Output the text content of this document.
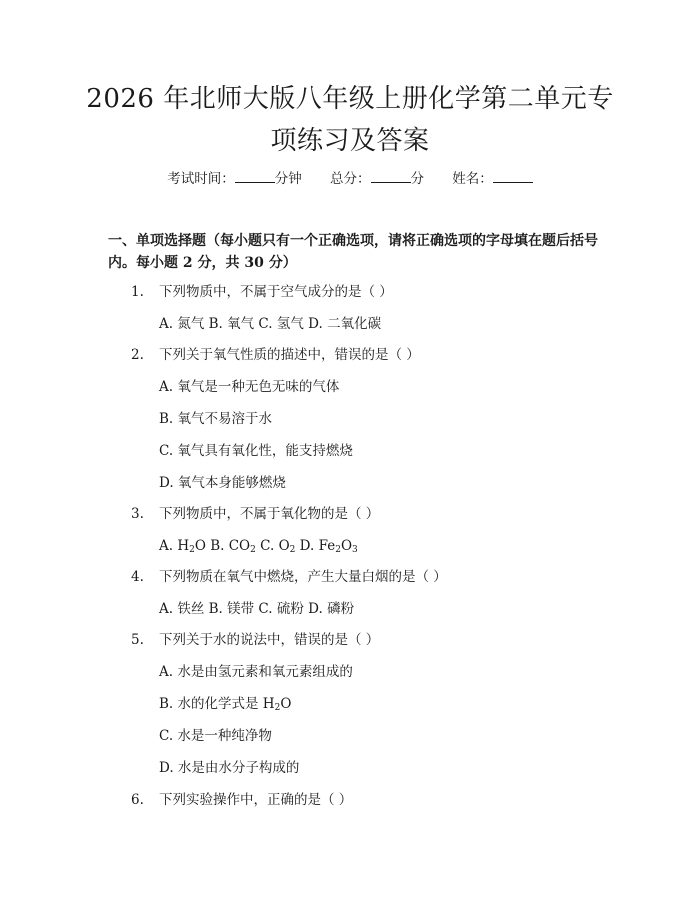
2026 年北师大版八年级上册化学第二单元专
项练习及答案
考试时间：	分钟 总分：	分 姓名：
一、单项选择题（每小题只有一个正确选项，请将正确选项的字母填在题后括号
内。每小题 2 分，共 30 分）
1. 下列物质中，不属于空气成分的是（ ）
A. 氮气 B. 氧气 C. 氢气 D. 二氧化碳
2. 下列关于氧气性质的描述中，错误的是（ ）
A. 氧气是一种无色无味的气体
B. 氧气不易溶于水
C. 氧气具有氧化性，能支持燃烧
D. 氧气本身能够燃烧
3. 下列物质中，不属于氧化物的是（ ）
A. $H_2O$ B. $CO_2$ C. $O_2$ D. $Fe_2O_3$
4. 下列物质在氧气中燃烧，产生大量白烟的是（ ）
A. 铁丝 B. 镁带 C. 硫粉 D. 磷粉
5. 下列关于水的说法中，错误的是（ ）
A. 水是由氢元素和氧元素组成的
B. 水的化学式是 $H_2O$
C. 水是一种纯净物
D. 水是由水分子构成的
6. 下列实验操作中，正确的是（ ）
